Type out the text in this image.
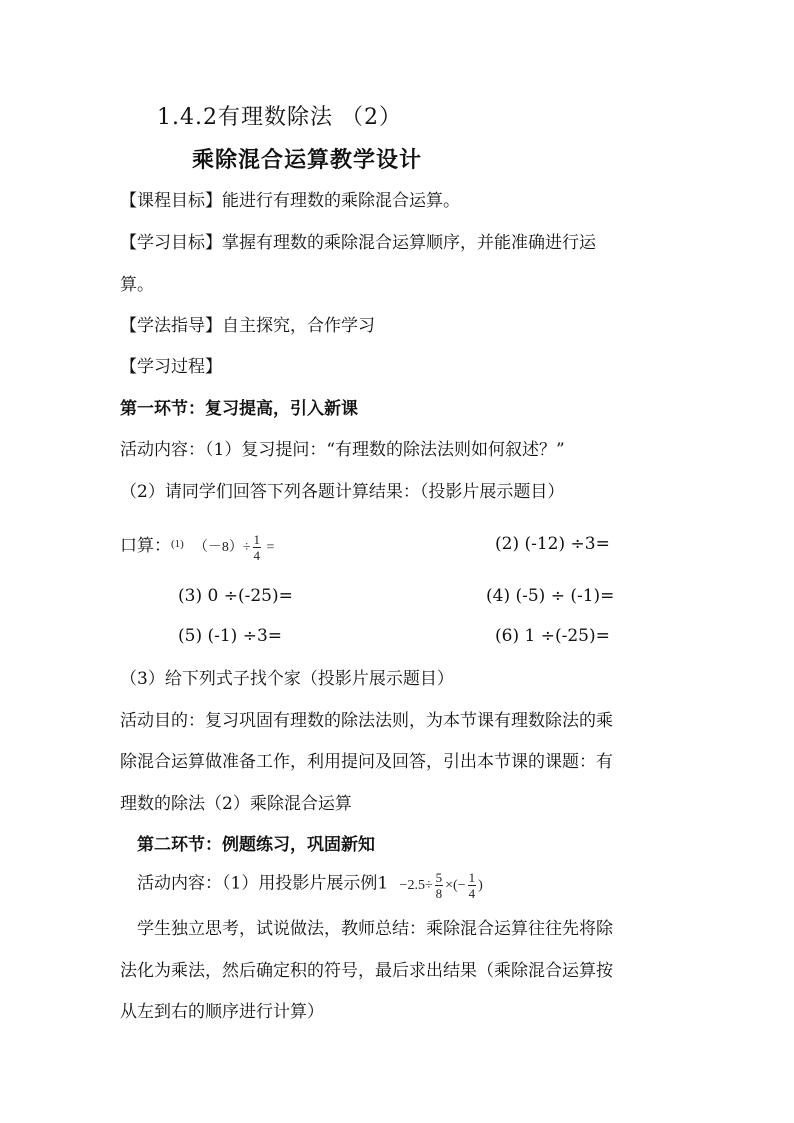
1.4.2有理数除法 （2）
乘除混合运算教学设计
【课程目标】能进行有理数的乘除混合运算。
【学习目标】掌握有理数的乘除混合运算顺序，并能准确进行运
算。
【学法指导】自主探究，合作学习
【学习过程】
第一环节：复习提高，引入新课
活动内容：（1）复习提问：“有理数的除法法则如何叙述？”
（2）请同学们回答下列各题计算结果：（投影片展示题目）
口算：$^{(1)}$ $(-8)\div \frac{1}{4}$ =	(2) (-12) ÷3=
(3) 0 ÷(-25)=	(4) (-5) ÷ (-1)=
(5) (-1) ÷3=	(6) 1 ÷(-25)=
（3）给下列式子找个家（投影片展示题目）
活动目的：复习巩固有理数的除法法则，为本节课有理数除法的乘
除混合运算做准备工作，利用提问及回答，引出本节课的课题：有
理数的除法（2）乘除混合运算
第二环节：例题练习，巩固新知
活动内容：（1）用投影片展示例$1 -2.5\div \frac{5}{8}$ ×(− $\frac{1}{4}$ )
学生独立思考，试说做法，教师总结：乘除混合运算往往先将除
法化为乘法，然后确定积的符号，最后求出结果（乘除混合运算按
从左到右的顺序进行计算）
